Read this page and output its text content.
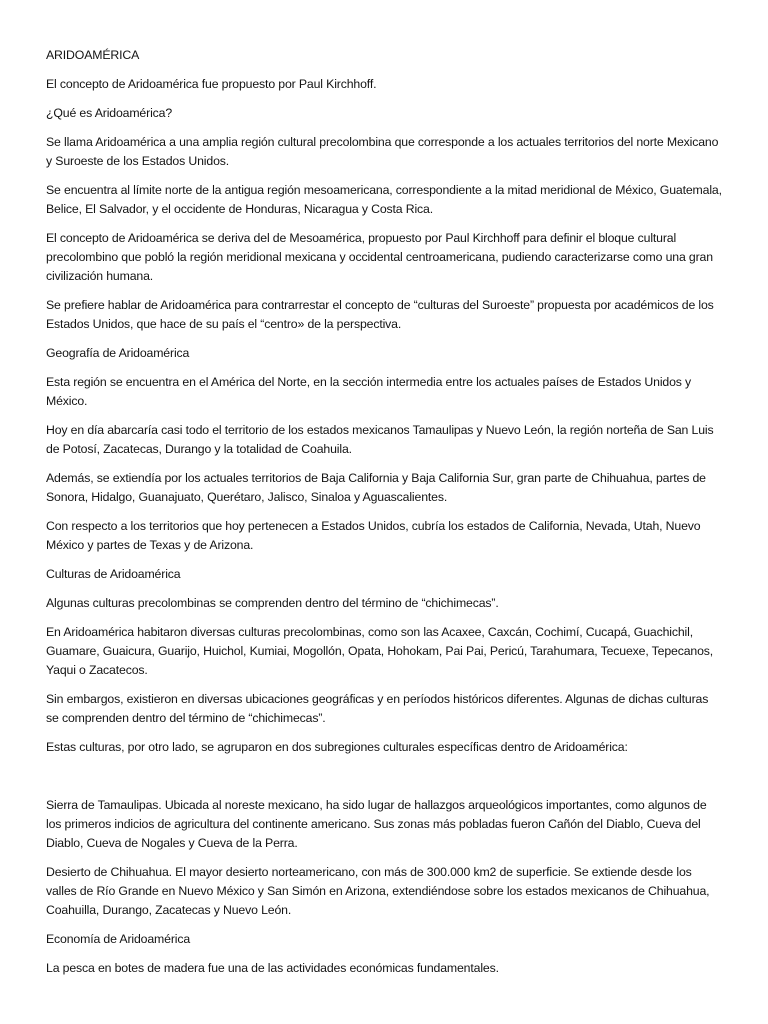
ARIDOAMÉRICA

El concepto de Aridoamérica fue propuesto por Paul Kirchhoff.

¿Qué es Aridoamérica?

Se llama Aridoamérica a una amplia región cultural precolombina que corresponde a los actuales territorios del norte Mexicano y Suroeste de los Estados Unidos.

Se encuentra al límite norte de la antigua región mesoamericana, correspondiente a la mitad meridional de México, Guatemala, Belice, El Salvador, y el occidente de Honduras, Nicaragua y Costa Rica.

El concepto de Aridoamérica se deriva del de Mesoamérica, propuesto por Paul Kirchhoff para definir el bloque cultural precolombino que pobló la región meridional mexicana y occidental centroamericana, pudiendo caracterizarse como una gran civilización humana.

Se prefiere hablar de Aridoamérica para contrarrestar el concepto de “culturas del Suroeste” propuesta por académicos de los Estados Unidos, que hace de su país el “centro» de la perspectiva.

Geografía de Aridoamérica

Esta región se encuentra en el América del Norte, en la sección intermedia entre los actuales países de Estados Unidos y México.

Hoy en día abarcaría casi todo el territorio de los estados mexicanos Tamaulipas y Nuevo León, la región norteña de San Luis de Potosí, Zacatecas, Durango y la totalidad de Coahuila.

Además, se extiendía por los actuales territorios de Baja California y Baja California Sur, gran parte de Chihuahua, partes de Sonora, Hidalgo, Guanajuato, Querétaro, Jalisco, Sinaloa y Aguascalientes.

Con respecto a los territorios que hoy pertenecen a Estados Unidos, cubría los estados de California, Nevada, Utah, Nuevo México y partes de Texas y de Arizona.

Culturas de Aridoamérica

Algunas culturas precolombinas se comprenden dentro del término de “chichimecas”.

En Aridoamérica habitaron diversas culturas precolombinas, como son las Acaxee, Caxcán, Cochimí, Cucapá, Guachichil, Guamare, Guaicura, Guarijo, Huichol, Kumiai, Mogollón, Opata, Hohokam, Pai Pai, Pericú, Tarahumara, Tecuexe, Tepecanos, Yaqui o Zacatecos.

Sin embargos, existieron en diversas ubicaciones geográficas y en períodos históricos diferentes. Algunas de dichas culturas se comprenden dentro del término de “chichimecas”.

Estas culturas, por otro lado, se agruparon en dos subregiones culturales específicas dentro de Aridoamérica:

Sierra de Tamaulipas. Ubicada al noreste mexicano, ha sido lugar de hallazgos arqueológicos importantes, como algunos de los primeros indicios de agricultura del continente americano. Sus zonas más pobladas fueron Cañón del Diablo, Cueva del Diablo, Cueva de Nogales y Cueva de la Perra.

Desierto de Chihuahua. El mayor desierto norteamericano, con más de 300.000 km2 de superficie. Se extiende desde los valles de Río Grande en Nuevo México y San Simón en Arizona, extendiéndose sobre los estados mexicanos de Chihuahua, Coahuilla, Durango, Zacatecas y Nuevo León.

Economía de Aridoamérica

La pesca en botes de madera fue una de las actividades económicas fundamentales.
